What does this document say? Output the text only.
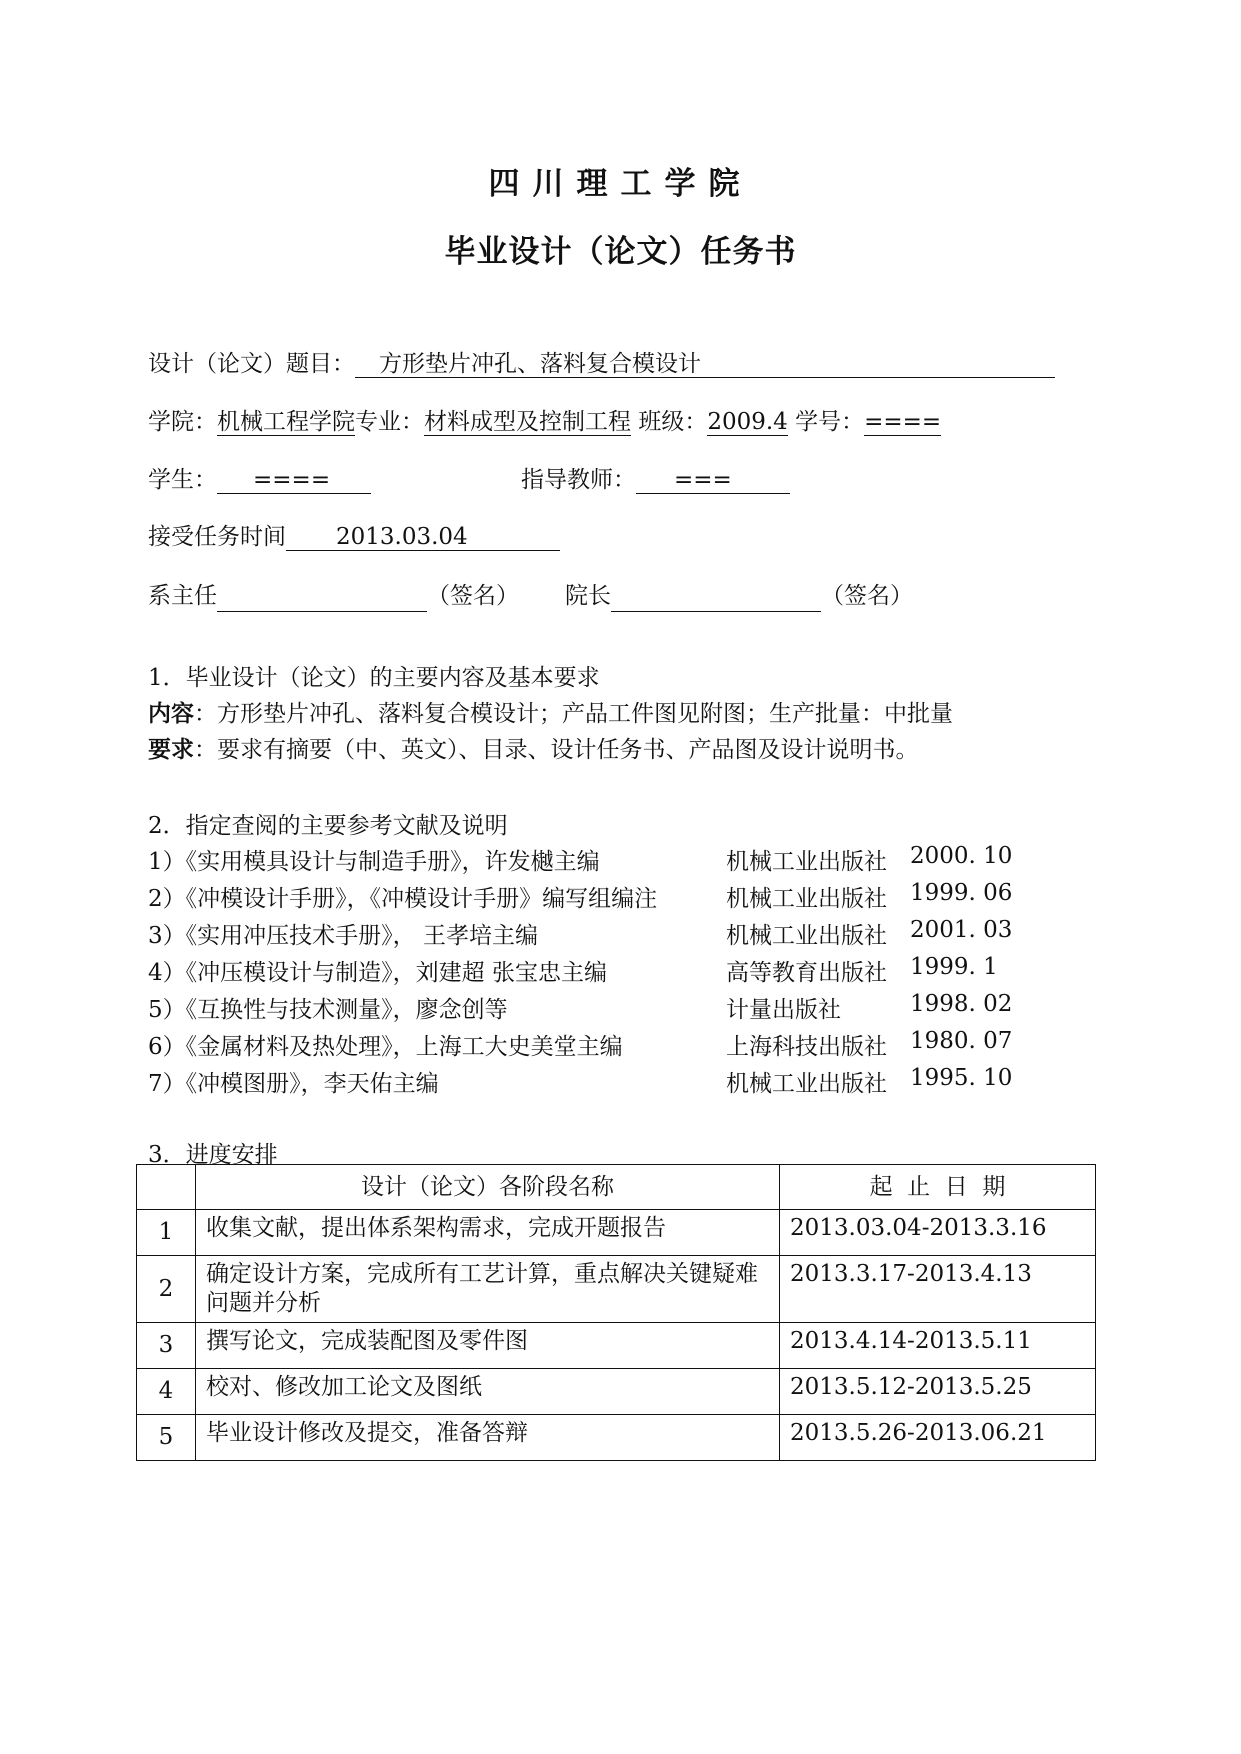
四川理工学院
毕业设计（论文）任务书
设计（论文）题目： 方形垫片冲孔、落料复合模设计
学院：机械工程学院专业：材料成型及控制工程 班级：2009.4 学号：====
学生： ====	指导教师： ===
接受任务时间 2013.03.04
系主任	（签名） 院长	（签名）
1．毕业设计（论文）的主要内容及基本要求
内容：方形垫片冲孔、落料复合模设计；产品工件图见附图；生产批量：中批量
要求：要求有摘要（中、英文）、目录、设计任务书、产品图及设计说明书。
2．指定查阅的主要参考文献及说明
1）《实用模具设计与制造手册》，许发樾主编	机械工业出版社 2000. 10
2）《冲模设计手册》，《冲模设计手册》编写组编注	机械工业出版社 1999. 06
3）《实用冲压技术手册》， 王孝培主编	机械工业出版社 2001. 03
4）《冲压模设计与制造》，刘建超 张宝忠主编	高等教育出版社 1999. 1
5）《互换性与技术测量》，廖念创等	计量出版社	1998. 02
6）《金属材料及热处理》，上海工大史美堂主编	上海科技出版社 1980. 07
7）《冲模图册》，李天佑主编	机械工业出版社 1995. 10
3．进度安排
	设计（论文）各阶段名称	起  止  日  期
1	收集文献，提出体系架构需求，完成开题报告	2013.03.04-2013.3.16
2	确定设计方案，完成所有工艺计算，重点解决关键疑难问题并分析	2013.3.17-2013.4.13
3	撰写论文，完成装配图及零件图	2013.4.14-2013.5.11
4	校对、修改加工论文及图纸	2013.5.12-2013.5.25
5	毕业设计修改及提交，准备答辩	2013.5.26-2013.06.21
